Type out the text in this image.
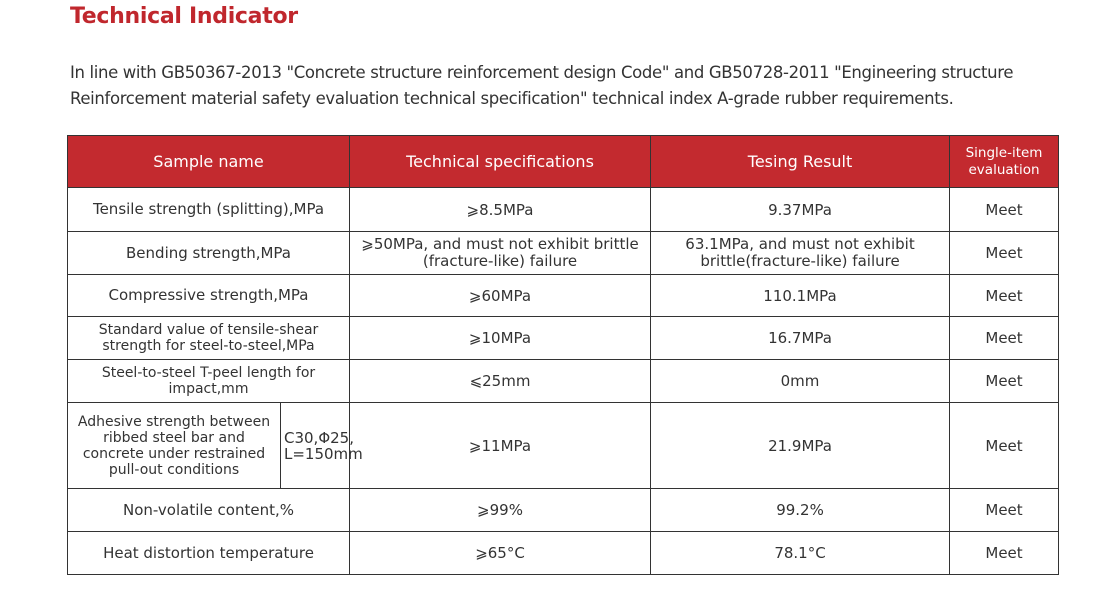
Technical Indicator
In line with GB50367-2013 "Concrete structure reinforcement design Code" and GB50728-2011 "Engineering structure Reinforcement material safety evaluation technical specification" technical index A-grade rubber requirements.
Sample name		Technical specifications	Tesing Result	Single-item evaluation
Tensile strength (splitting),MPa		⩾8.5MPa	9.37MPa	Meet
Bending strength,MPa		⩾50MPa, and must not exhibit brittle (fracture-like) failure	63.1MPa, and must not exhibit brittle(fracture-like) failure	Meet
Compressive strength,MPa		⩾60MPa	110.1MPa	Meet
Standard value of tensile-shear strength for steel-to-steel,MPa		⩾10MPa	16.7MPa	Meet
Steel-to-steel T-peel length for impact,mm		⩽25mm	0mm	Meet
Adhesive strength between ribbed steel bar and concrete under restrained pull-out conditions	C30,Φ25, L=150mm	⩾11MPa	21.9MPa	Meet
Non-volatile content,%		⩾99%	99.2%	Meet
Heat distortion temperature		⩾65°C	78.1°C	Meet
